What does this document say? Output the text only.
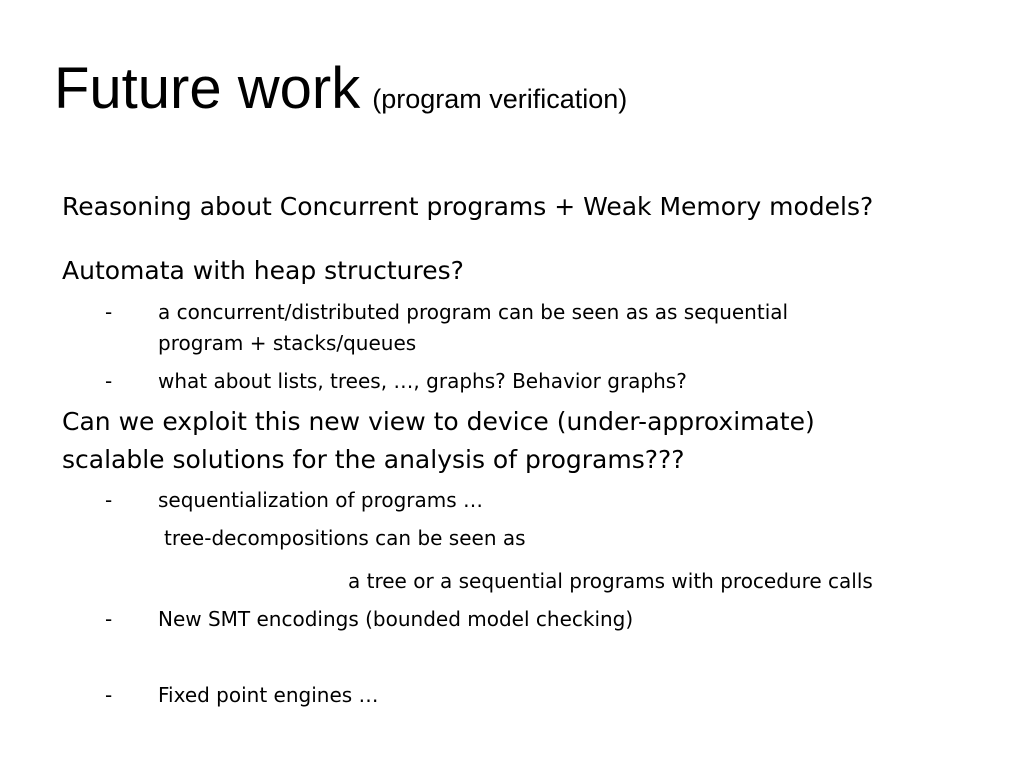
Future work (program verification)
Reasoning about Concurrent programs + Weak Memory models?
Automata with heap structures?
- a concurrent/distributed program can be seen as as sequential
program + stacks/queues
- what about lists, trees, …, graphs? Behavior graphs?
Can we exploit this new view to device (under-approximate)
scalable solutions for the analysis of programs???
- sequentialization of programs …
tree-decompositions can be seen as
a tree or a sequential programs with procedure calls
- New SMT encodings (bounded model checking)
- Fixed point engines …
